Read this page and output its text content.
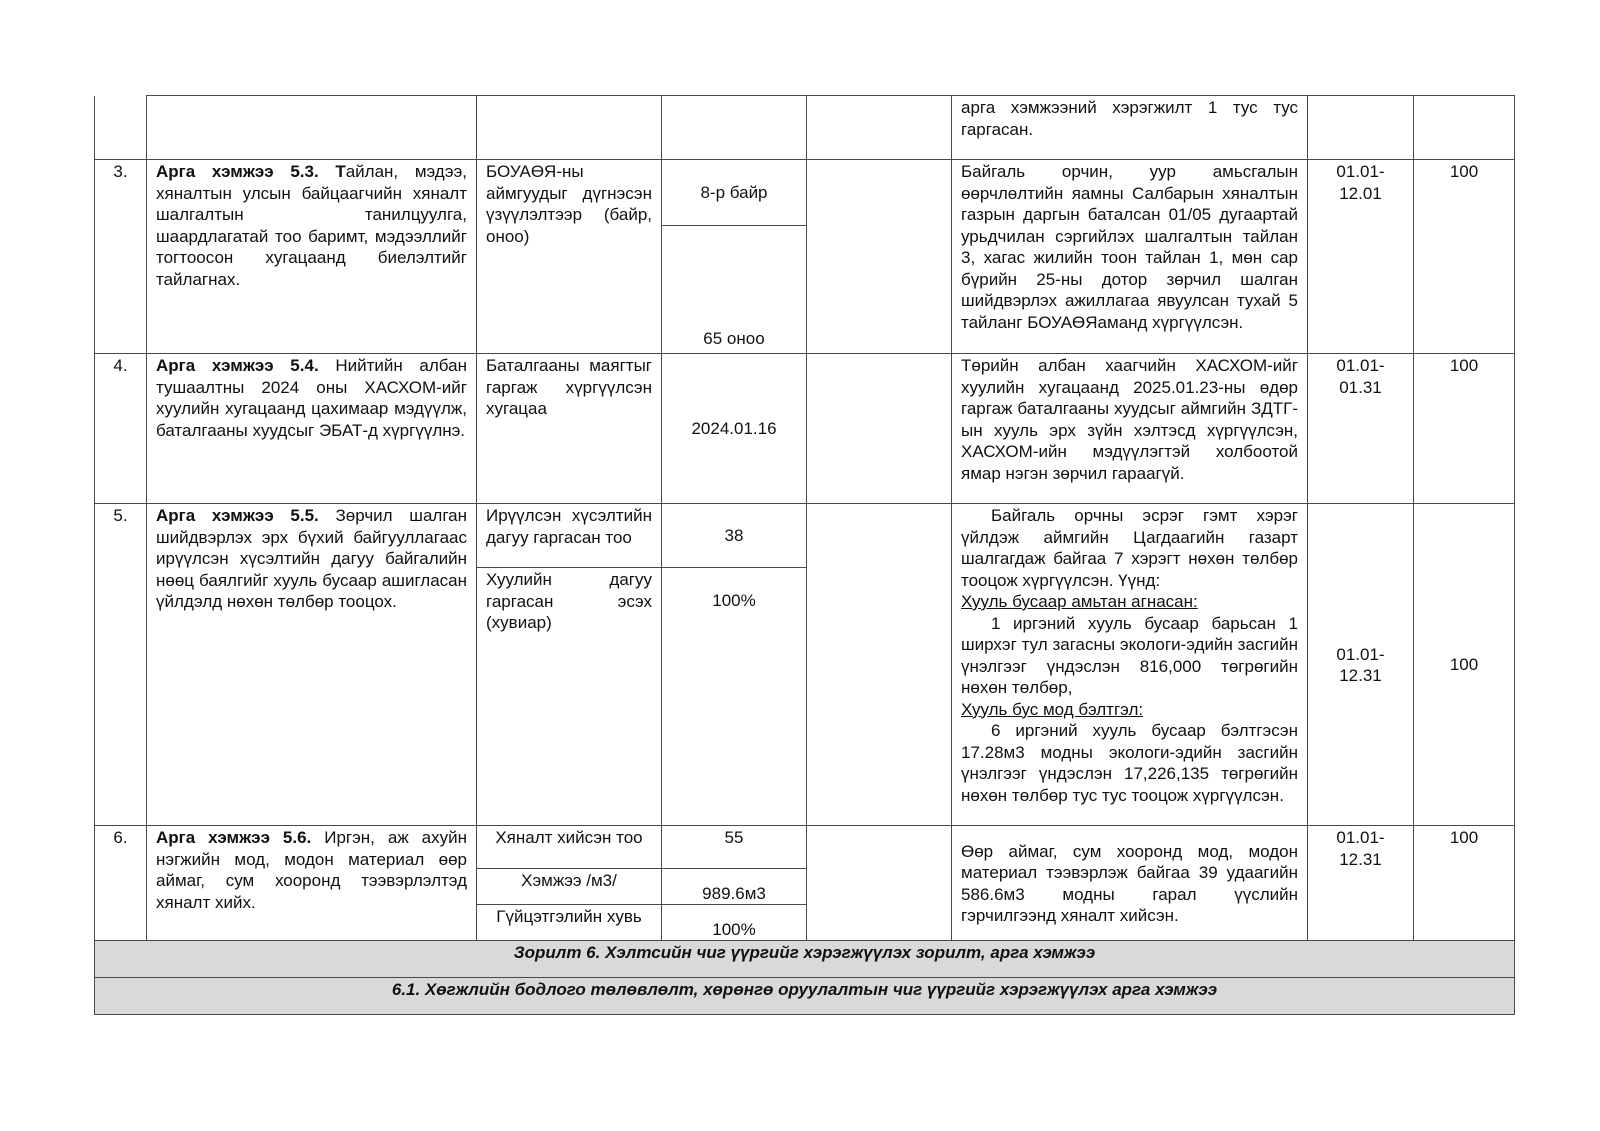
					арга хэмжээний хэрэгжилт 1 тус тус гаргасан.		
3.	Арга хэмжээ 5.3. Тайлан, мэдээ, хяналтын улсын байцаагчийн хяналт шалгалтын танилцуулга, шаардлагатай тоо баримт, мэдээллийг тогтоосон хугацаанд биелэлтийг тайлагнах.	БОУАӨЯ-ны аймгуудыг дүгнэсэн үзүүлэлтээр (байр, оноо)	8-р байр		Байгаль орчин, уур амьсгалын өөрчлөлтийн яамны Салбарын хяналтын газрын даргын баталсан 01/05 дугаартай урьдчилан сэргийлэх шалгалтын тайлан 3, хагас жилийн тоон тайлан 1, мөн сар бүрийн 25-ны дотор зөрчил шалган шийдвэрлэх ажиллагаа явуулсан тухай 5 тайланг БОУАӨЯаманд хүргүүлсэн.	01.01-12.01	100
			65 оноо				
4.	Арга хэмжээ 5.4. Нийтийн албан тушаалтны 2024 оны ХАСХОМ-ийг хуулийн хугацаанд цахимаар мэдүүлж, баталгааны хуудсыг ЭБАТ-д хүргүүлнэ.	Баталгааны маягтыг гаргаж хүргүүлсэн хугацаа	2024.01.16		Төрийн албан хаагчийн ХАСХОМ-ийг хуулийн хугацаанд 2025.01.23-ны өдөр гаргаж баталгааны хуудсыг аймгийн ЗДТГ-ын хууль эрх зүйн хэлтэсд хүргүүлсэн, ХАСХОМ-ийн мэдүүлэгтэй холбоотой ямар нэгэн зөрчил гараагүй.	01.01-01.31	100
5.	Арга хэмжээ 5.5. Зөрчил шалган шийдвэрлэх эрх бүхий байгууллагаас ирүүлсэн хүсэлтийн дагуу байгалийн нөөц баялгийг хууль бусаар ашигласан үйлдэлд нөхөн төлбөр тооцох.	Ирүүлсэн хүсэлтийн дагуу гаргасан тоо	38		Байгаль орчны эсрэг гэмт хэрэг үйлдэж аймгийн Цагдаагийн газарт шалгагдаж байгаа 7 хэрэгт нөхөн төлбөр тооцож хүргүүлсэн. Үүнд:
Хууль бусаар амьтан агнасан:
1 иргэний хууль бусаар барьсан 1 ширхэг тул загасны экологи-эдийн засгийн үнэлгээг үндэслэн 816,000 төгрөгийн нөхөн төлбөр,
Хууль бус мод бэлтгэл:
6 иргэний хууль бусаар бэлтгэсэн 17.28м3 модны экологи-эдийн засгийн үнэлгээг үндэслэн 17,226,135 төгрөгийн нөхөн төлбөр тус тус тооцож хүргүүлсэн.	01.01-12.31	100
		Хуулийн дагуу гаргасан эсэх (хувиар)	100%				
6.	Арга хэмжээ 5.6. Иргэн, аж ахуйн нэгжийн мод, модон материал өөр аймаг, сум хооронд тээвэрлэлтэд хяналт хийх.	Хяналт хийсэн тоо	55		Өөр аймаг, сум хооронд мод, модон материал тээвэрлэж байгаа 39 удаагийн 586.6м3 модны гарал үүслийн гэрчилгээнд хяналт хийсэн.	01.01-12.31	100
		Хэмжээ /м3/	989.6м3				
		Гүйцэтгэлийн хувь	100%				
Зорилт 6. Хэлтсийн чиг үүргийг хэрэгжүүлэх зорилт, арга хэмжээ							
6.1. Хөгжлийн бодлого төлөвлөлт, хөрөнгө оруулалтын чиг үүргийг хэрэгжүүлэх арга хэмжээ							
